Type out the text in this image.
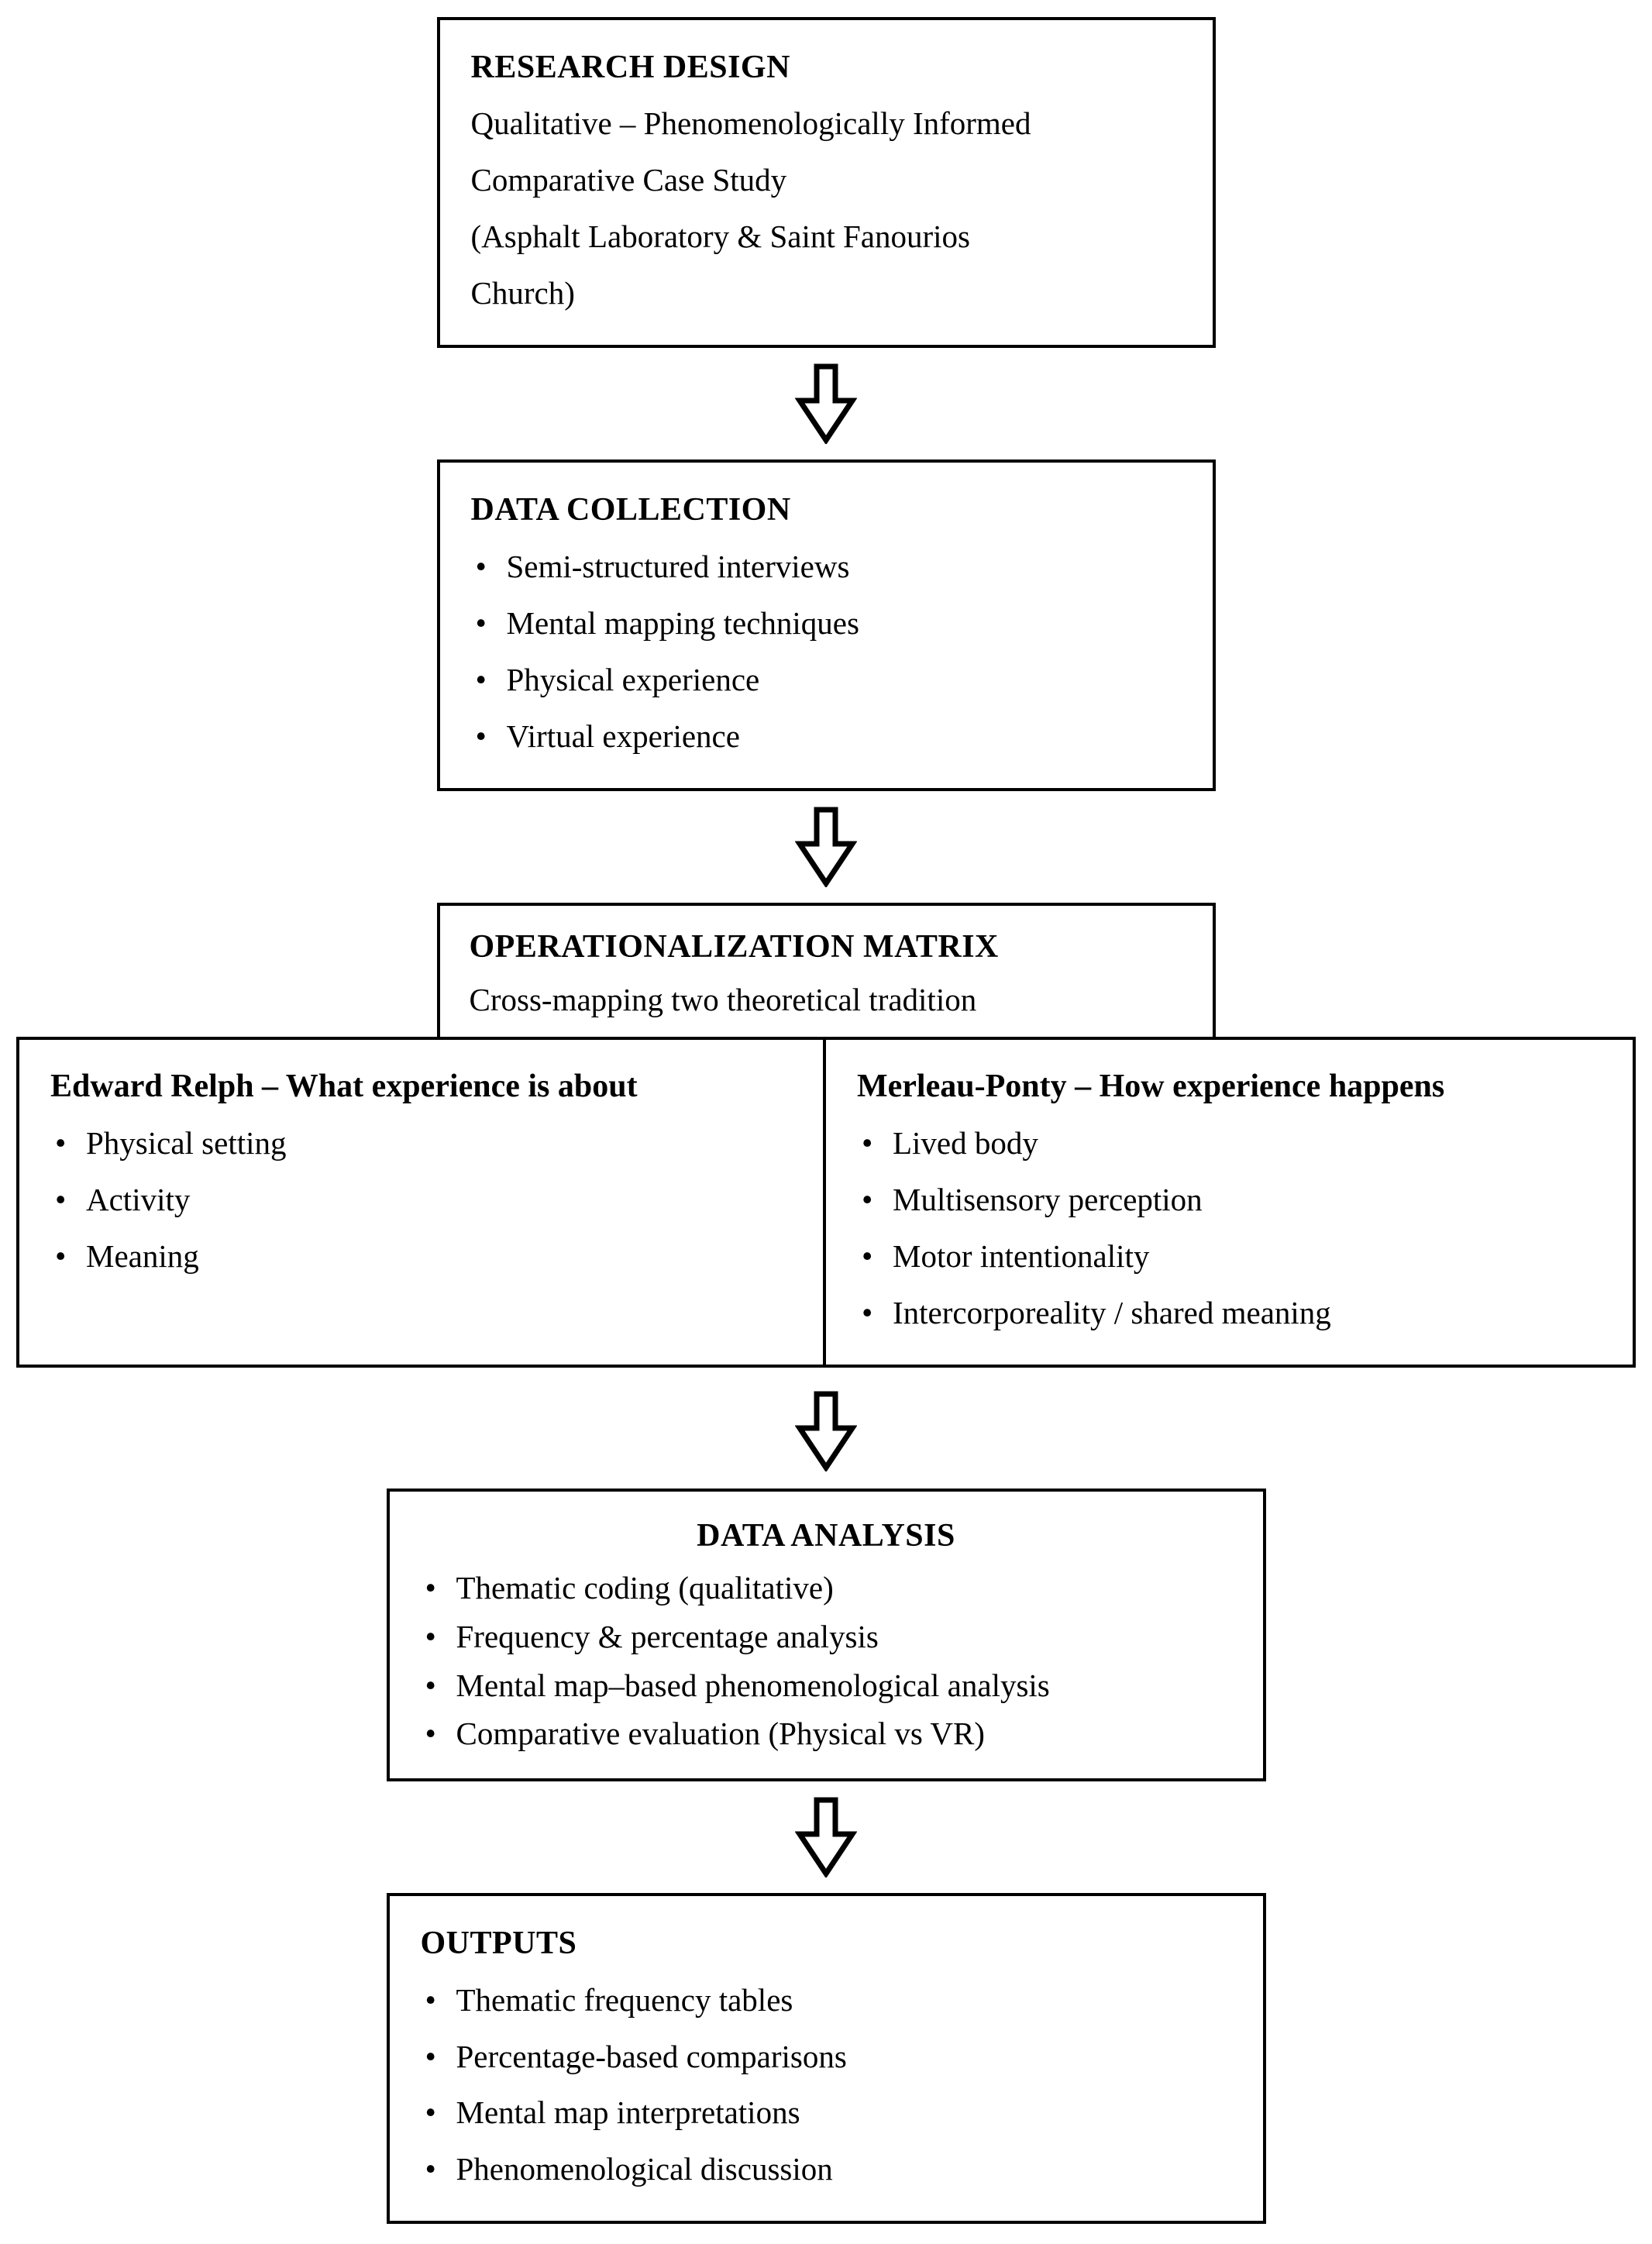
RESEARCH DESIGN
Qualitative – Phenomenologically Informed
Comparative Case Study
(Asphalt Laboratory & Saint Fanourios
Church)
DATA COLLECTION
• Semi-structured interviews
• Mental mapping techniques
• Physical experience
• Virtual experience
OPERATIONALIZATION MATRIX
Cross-mapping two theoretical tradition
Edward Relph – What experience is about
• Physical setting
• Activity
• Meaning
Merleau-Ponty – How experience happens
• Lived body
• Multisensory perception
• Motor intentionality
• Intercorporeality / shared meaning
DATA ANALYSIS
• Thematic coding (qualitative)
• Frequency & percentage analysis
• Mental map–based phenomenological analysis
• Comparative evaluation (Physical vs VR)
OUTPUTS
• Thematic frequency tables
• Percentage-based comparisons
• Mental map interpretations
• Phenomenological discussion
